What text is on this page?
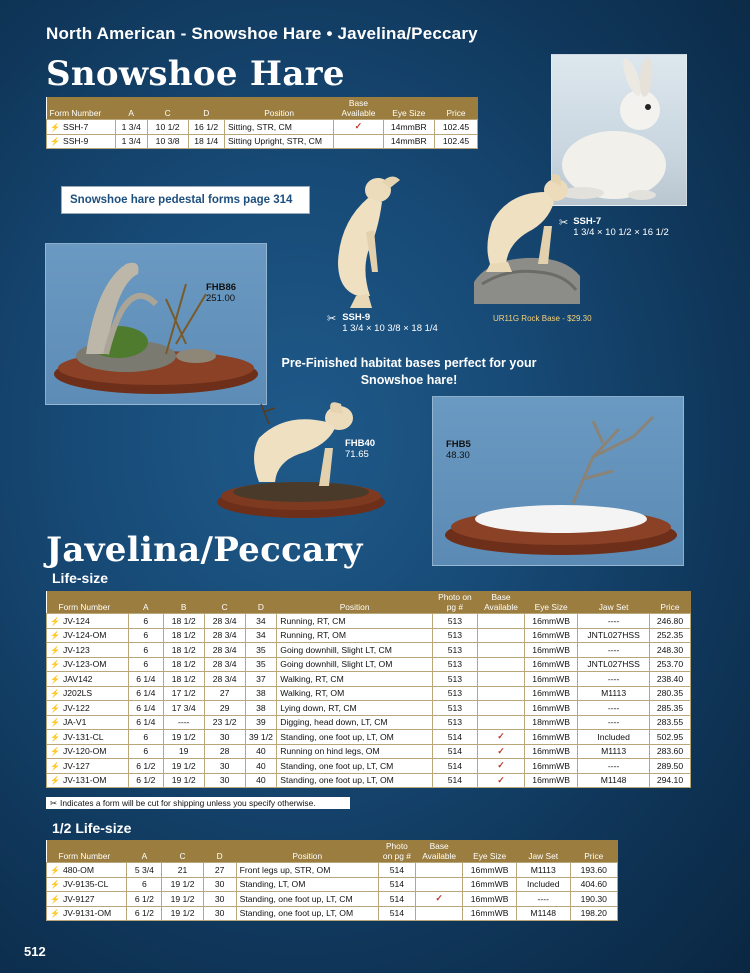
North American - Snowshoe Hare • Javelina/Peccary
Snowshoe Hare
Form Number	A	C	D	Position	Base Available	Eye Size	Price
⚡ SSH-7	1 3/4	10 1/2	16 1/2	Sitting, STR, CM	✓	14mmBR	102.45
⚡ SSH-9	1 3/4	10 3/8	18 1/4	Sitting Upright, STR, CM		14mmBR	102.45
Snowshoe hare pedestal forms page 314
✂ SSH-9
1 3/4 × 10 3/8 × 18 1/4
UR11G Rock Base - $29.30
✂ SSH-7
1 3/4 × 10 1/2 × 16 1/2
FHB86
251.00
Pre-Finished habitat bases perfect for your Snowshoe hare!
FHB40
71.65
FHB5
48.30
Javelina/Peccary
Life-size
Form Number	A	B	C	D	Position	Photo on pg #	Base Available	Eye Size	Jaw Set	Price
⚡ JV-124	6	18 1/2	28 3/4	34	Running, RT, CM	513		16mmWB	----	246.80
⚡ JV-124-OM	6	18 1/2	28 3/4	34	Running, RT, OM	513		16mmWB	JNTL027HSS	252.35
⚡ JV-123	6	18 1/2	28 3/4	35	Going downhill, Slight LT, CM	513		16mmWB	----	248.30
⚡ JV-123-OM	6	18 1/2	28 3/4	35	Going downhill, Slight LT, OM	513		16mmWB	JNTL027HSS	253.70
⚡ JAV142	6 1/4	18 1/2	28 3/4	37	Walking, RT, CM	513		16mmWB	----	238.40
⚡ J202LS	6 1/4	17 1/2	27	38	Walking, RT, OM	513		16mmWB	M1113	280.35
⚡ JV-122	6 1/4	17 3/4	29	38	Lying down, RT, CM	513		16mmWB	----	285.35
⚡ JA-V1	6 1/4	----	23 1/2	39	Digging, head down, LT, CM	513		18mmWB	----	283.55
⚡ JV-131-CL	6	19 1/2	30	39 1/2	Standing, one foot up, LT, OM	514	✓	16mmWB	Included	502.95
⚡ JV-120-OM	6	19	28	40	Running on hind legs, OM	514	✓	16mmWB	M1113	283.60
⚡ JV-127	6 1/2	19 1/2	30	40	Standing, one foot up, LT, CM	514	✓	16mmWB	----	289.50
⚡ JV-131-OM	6 1/2	19 1/2	30	40	Standing, one foot up, LT, OM	514	✓	16mmWB	M1148	294.10
✂ Indicates a form will be cut for shipping unless you specify otherwise.
1/2 Life-size
Form Number	A	C	D	Position	Photo on pg #	Base Available	Eye Size	Jaw Set	Price
⚡ 480-OM	5 3/4	21	27	Front legs up, STR, OM	514		16mmWB	M1113	193.60
⚡ JV-9135-CL	6	19 1/2	30	Standing, LT, OM	514		16mmWB	Included	404.60
⚡ JV-9127	6 1/2	19 1/2	30	Standing, one foot up, LT, CM	514	✓	16mmWB	----	190.30
⚡ JV-9131-OM	6 1/2	19 1/2	30	Standing, one foot up, LT, OM	514		16mmWB	M1148	198.20
512
